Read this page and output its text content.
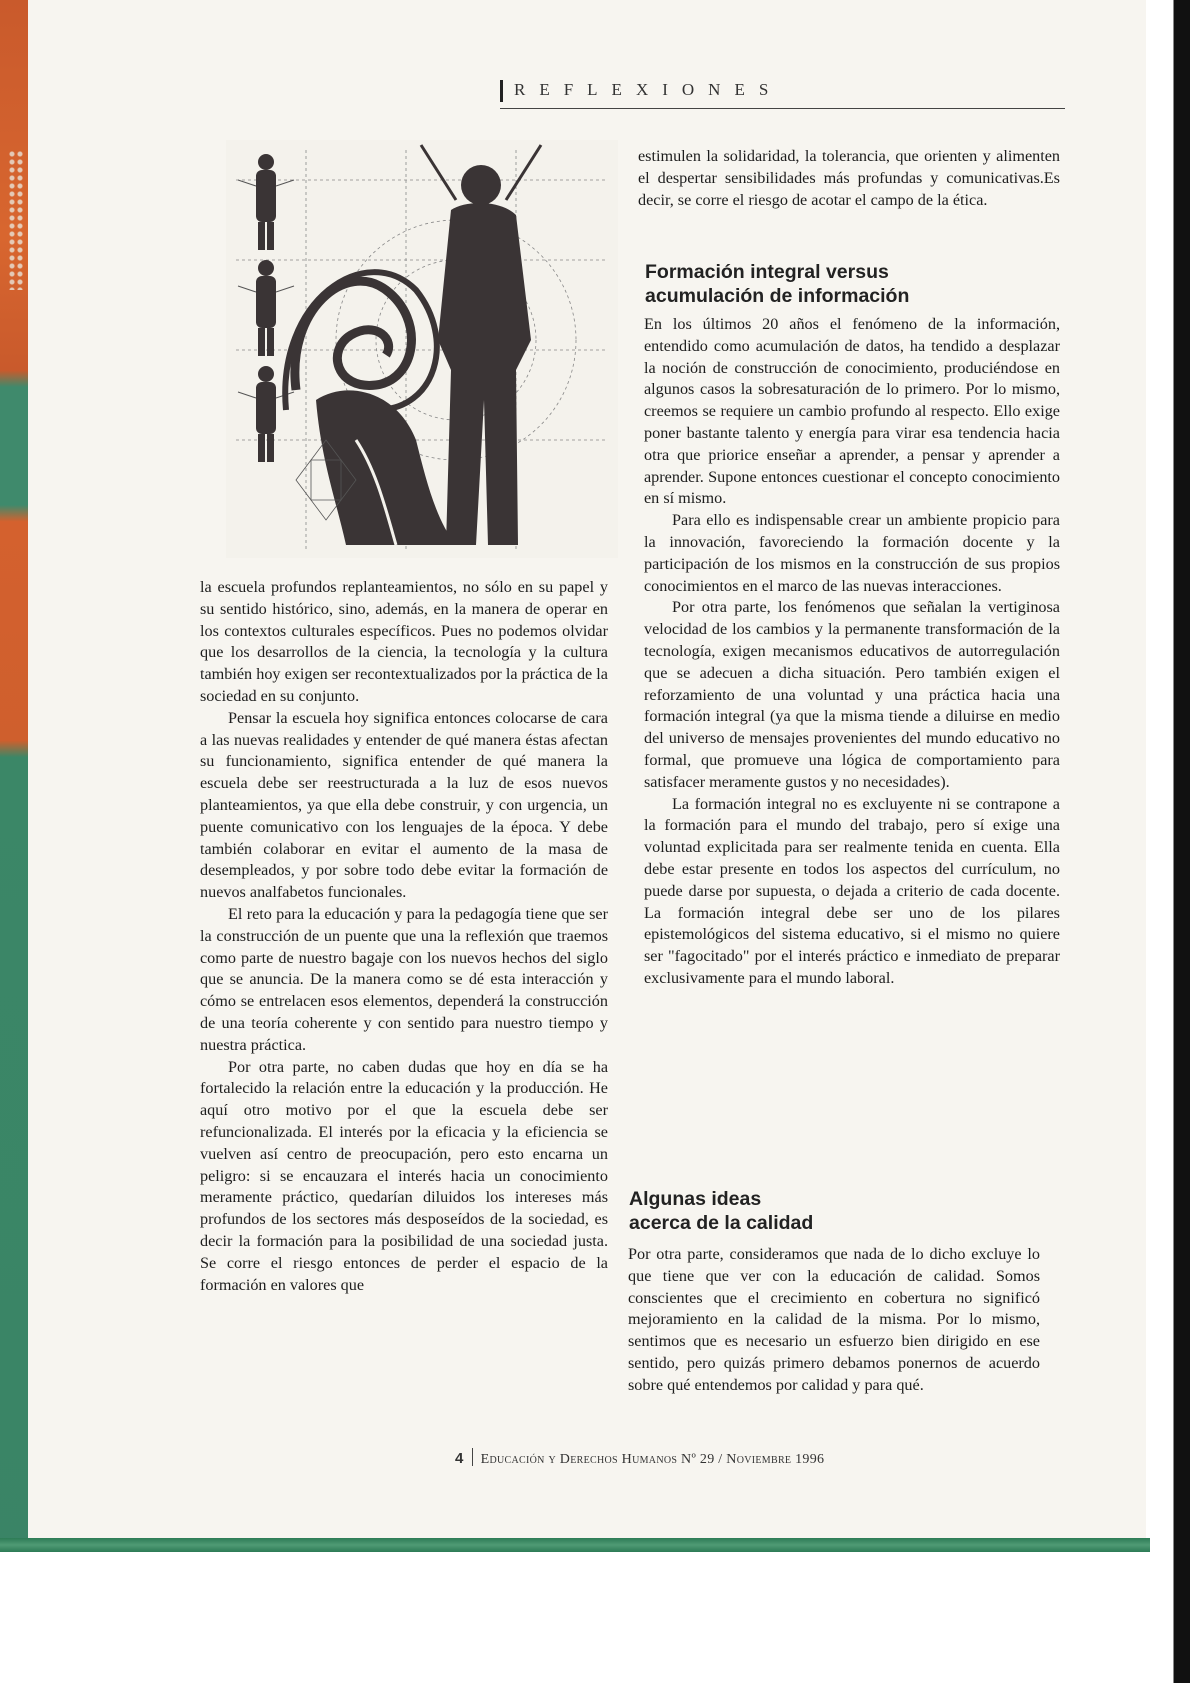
REFLEXIONES

la escuela profundos replanteamientos, no sólo en su papel y su sentido histórico, sino, además, en la manera de operar en los contextos culturales específicos. Pues no podemos olvidar que los desarrollos de la ciencia, la tecnología y la cultura también hoy exigen ser recontextualizados por la práctica de la sociedad en su conjunto.

Pensar la escuela hoy significa entonces colocarse de cara a las nuevas realidades y entender de qué manera éstas afectan su funcionamiento, significa entender de qué manera la escuela debe ser reestructurada a la luz de esos nuevos planteamientos, ya que ella debe construir, y con urgencia, un puente comunicativo con los lenguajes de la época. Y debe también colaborar en evitar el aumento de la masa de desempleados, y por sobre todo debe evitar la formación de nuevos analfabetos funcionales.

El reto para la educación y para la pedagogía tiene que ser la construcción de un puente que una la reflexión que traemos como parte de nuestro bagaje con los nuevos hechos del siglo que se anuncia. De la manera como se dé esta interacción y cómo se entrelacen esos elementos, dependerá la construcción de una teoría coherente y con sentido para nuestro tiempo y nuestra práctica.

Por otra parte, no caben dudas que hoy en día se ha fortalecido la relación entre la educación y la producción. He aquí otro motivo por el que la escuela debe ser refuncionalizada. El interés por la eficacia y la eficiencia se vuelven así centro de preocupación, pero esto encarna un peligro: si se encauzara el interés hacia un conocimiento meramente práctico, quedarían diluidos los intereses más profundos de los sectores más desposeídos de la sociedad, es decir la formación para la posibilidad de una sociedad justa. Se corre el riesgo entonces de perder el espacio de la formación en valores que

estimulen la solidaridad, la tolerancia, que orienten y alimenten el despertar sensibilidades más profundas y comunicativas.Es decir, se corre el riesgo de acotar el campo de la ética.

Formación integral versus
acumulación de información

En los últimos 20 años el fenómeno de la información, entendido como acumulación de datos, ha tendido a desplazar la noción de construcción de conocimiento, produciéndose en algunos casos la sobresaturación de lo primero. Por lo mismo, creemos se requiere un cambio profundo al respecto. Ello exige poner bastante talento y energía para virar esa tendencia hacia otra que priorice enseñar a aprender, a pensar y aprender a aprender. Supone entonces cuestionar el concepto conocimiento en sí mismo.

Para ello es indispensable crear un ambiente propicio para la innovación, favoreciendo la formación docente y la participación de los mismos en la construcción de sus propios conocimientos en el marco de las nuevas interacciones.

Por otra parte, los fenómenos que señalan la vertiginosa velocidad de los cambios y la permanente transformación de la tecnología, exigen mecanismos educativos de autorregulación que se adecuen a dicha situación. Pero también exigen el reforzamiento de una voluntad y una práctica hacia una formación integral (ya que la misma tiende a diluirse en medio del universo de mensajes provenientes del mundo educativo no formal, que promueve una lógica de comportamiento para satisfacer meramente gustos y no necesidades).

La formación integral no es excluyente ni se contrapone a la formación para el mundo del trabajo, pero sí exige una voluntad explicitada para ser realmente tenida en cuenta. Ella debe estar presente en todos los aspectos del currículum, no puede darse por supuesta, o dejada a criterio de cada docente. La formación integral debe ser uno de los pilares epistemológicos del sistema educativo, si el mismo no quiere ser "fagocitado" por el interés práctico e inmediato de preparar exclusivamente para el mundo laboral.

Algunas ideas
acerca de la calidad

Por otra parte, consideramos que nada de lo dicho excluye lo que tiene que ver con la educación de calidad. Somos conscientes que el crecimiento en cobertura no significó mejoramiento en la calidad de la misma. Por lo mismo, sentimos que es necesario un esfuerzo bien dirigido en ese sentido, pero quizás primero debamos ponernos de acuerdo sobre qué entendemos por calidad y para qué.

4 Educación y Derechos Humanos Nº 29 / Noviembre 1996
